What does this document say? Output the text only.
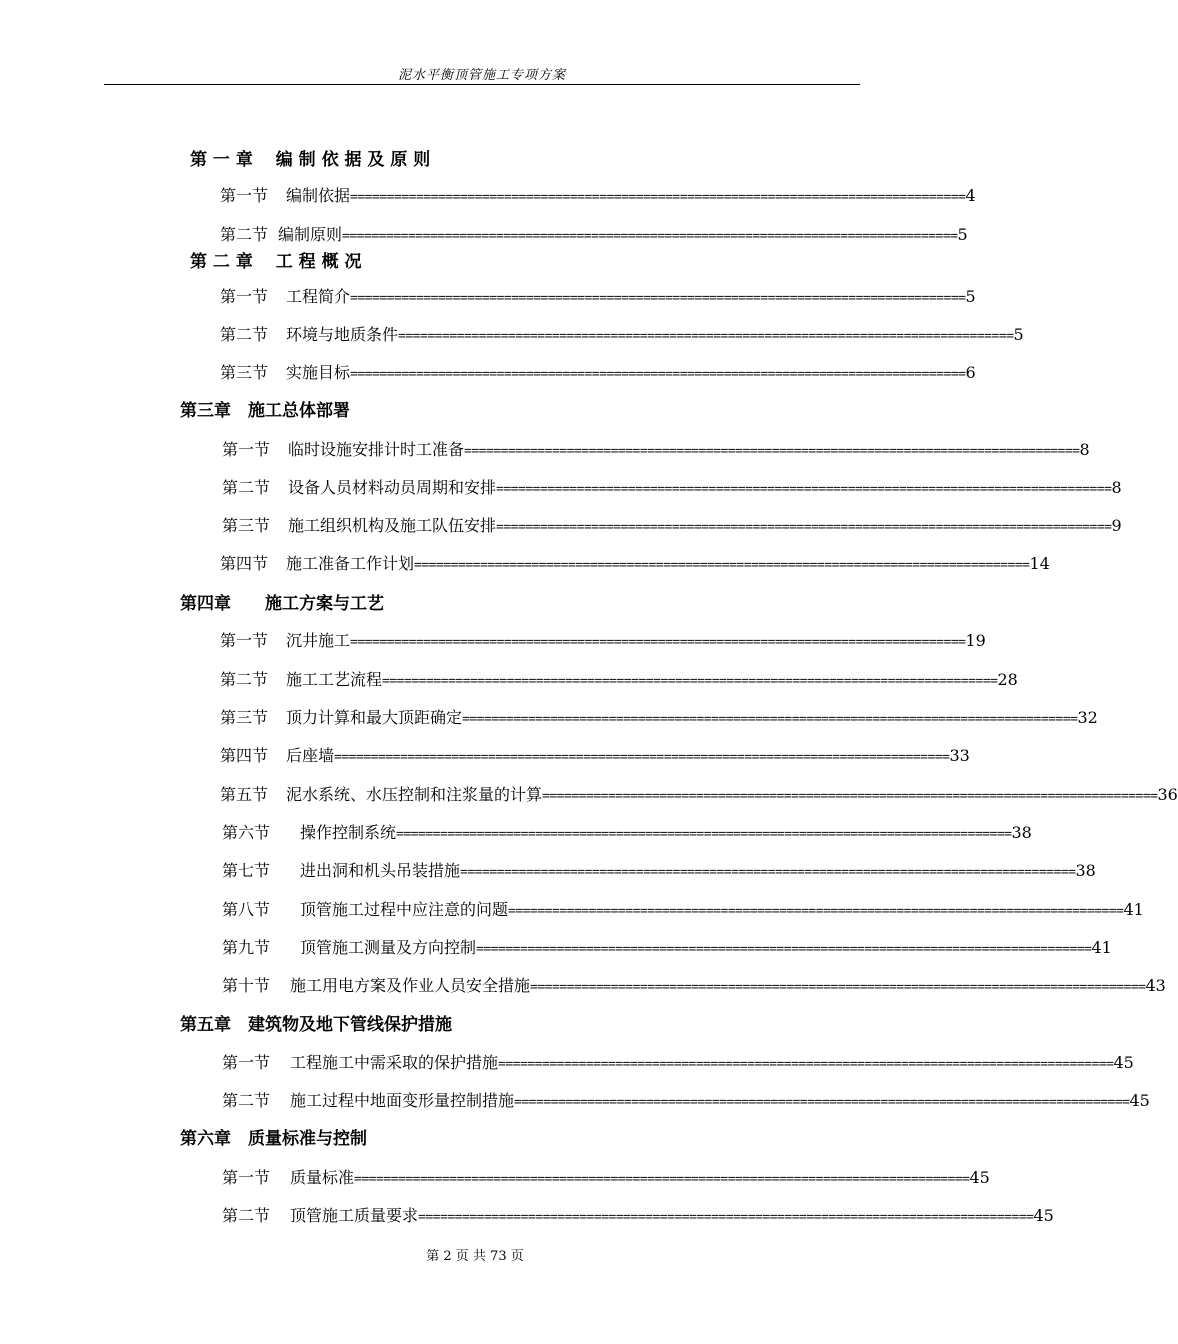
泥水平衡顶管施工专项方案
第 一 章　 编 制 依 据 及 原 则
第一节 编制依据 ==================================================================================== 4
第二节 编制原则 ==================================================================================== 5
第 二 章　 工 程 概 况
第一节 工程简介 ==================================================================================== 5
第二节 环境与地质条件 ==================================================================================== 5
第三节 实施目标 ==================================================================================== 6
第三章　施工总体部署
第一节 临时设施安排计时工准备 ==================================================================================== 8
第二节 设备人员材料动员周期和安排 ==================================================================================== 8
第三节 施工组织机构及施工队伍安排 ==================================================================================== 9
第四节 施工准备工作计划 ==================================================================================== 14
第四章　　施工方案与工艺
第一节 沉井施工 ==================================================================================== 19
第二节 施工工艺流程 ==================================================================================== 28
第三节 顶力计算和最大顶距确定 ==================================================================================== 32
第四节 后座墙 ==================================================================================== 33
第五节 泥水系统、水压控制和注浆量的计算 ==================================================================================== 36
第六节 操作控制系统 ==================================================================================== 38
第七节 进出洞和机头吊装措施 ==================================================================================== 38
第八节 顶管施工过程中应注意的问题 ==================================================================================== 41
第九节 顶管施工测量及方向控制 ==================================================================================== 41
第十节 施工用电方案及作业人员安全措施 ==================================================================================== 43
第五章　建筑物及地下管线保护措施
第一节 工程施工中需采取的保护措施 ==================================================================================== 45
第二节 施工过程中地面变形量控制措施 ==================================================================================== 45
第六章　质量标准与控制
第一节 质量标准 ==================================================================================== 45
第二节 顶管施工质量要求 ==================================================================================== 45
第 2 页 共 73 页
